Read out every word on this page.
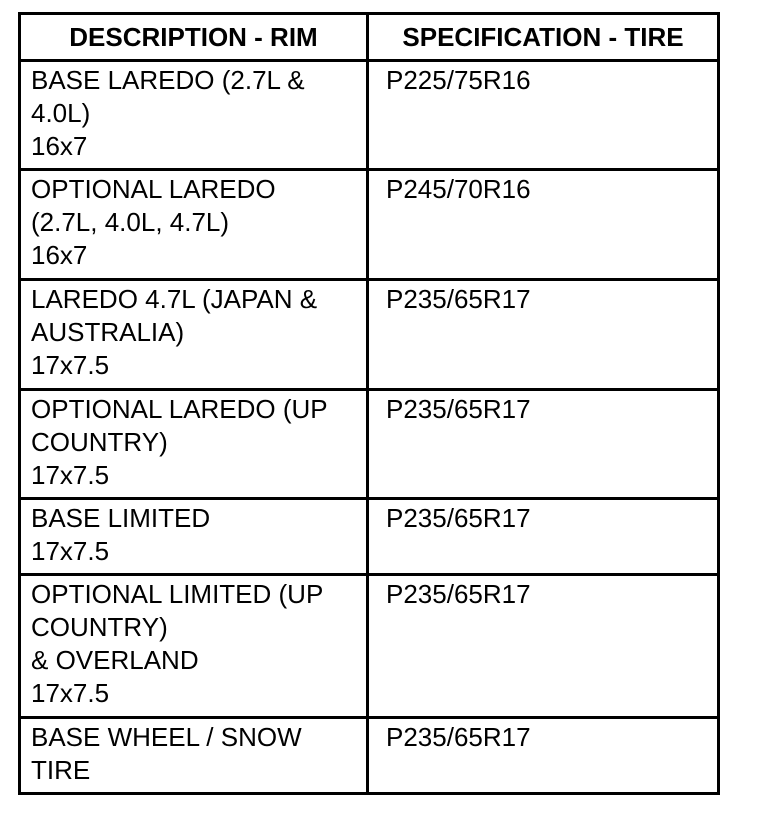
DESCRIPTION - RIM	SPECIFICATION - TIRE

BASE LAREDO (2.7L &
4.0L)
16x7	P225/75R16

OPTIONAL LAREDO
(2.7L, 4.0L, 4.7L)
16x7	P245/70R16

LAREDO 4.7L (JAPAN &
AUSTRALIA)
17x7.5	P235/65R17

OPTIONAL LAREDO (UP
COUNTRY)
17x7.5	P235/65R17

BASE LIMITED
17x7.5	P235/65R17

OPTIONAL LIMITED (UP
COUNTRY)
& OVERLAND
17x7.5	P235/65R17

BASE WHEEL / SNOW
TIRE	P235/65R17
